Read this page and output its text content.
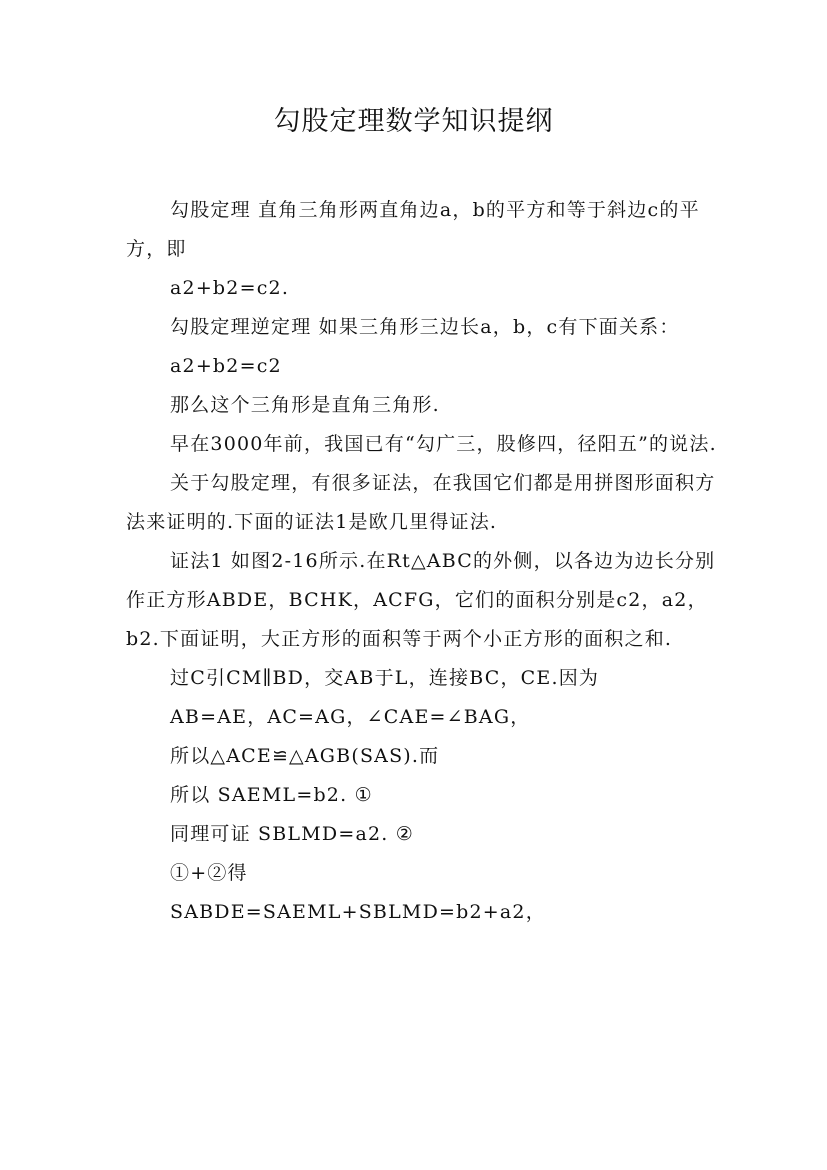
勾股定理数学知识提纲

勾股定理 直角三角形两直角边a，b的平方和等于斜边c的平方，即

a2+b2=c2.

勾股定理逆定理 如果三角形三边长a，b，c有下面关系：

a2+b2=c2

那么这个三角形是直角三角形.

早在3000年前，我国已有“勾广三，股修四，径阳五”的说法.

关于勾股定理，有很多证法，在我国它们都是用拼图形面积方法来证明的.下面的证法1是欧几里得证法.

证法1 如图2-16所示.在Rt△ABC的外侧，以各边为边长分别作正方形ABDE，BCHK，ACFG，它们的面积分别是c2，a2，b2.下面证明，大正方形的面积等于两个小正方形的面积之和.

过C引CM∥BD，交AB于L，连接BC，CE.因为

AB=AE，AC=AG，∠CAE=∠BAG，

所以△ACE≌△AGB(SAS).而

所以 SAEML=b2. ①

同理可证 SBLMD=a2. ②

①+②得

SABDE=SAEML+SBLMD=b2+a2，
